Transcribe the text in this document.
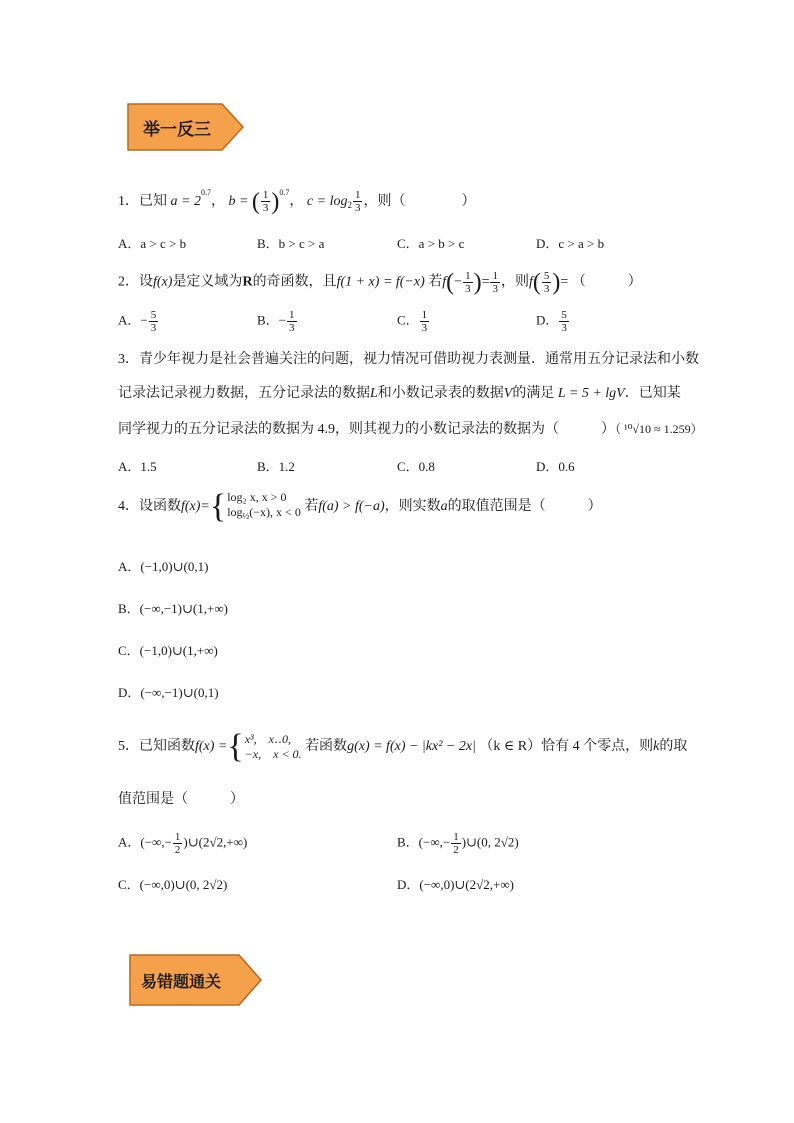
举一反三
1．已知 $a = 2^{0.7}$， b = ( $\frac{1}{3} )^{0.7}$， $c = \log_2 \frac{1}{3}$ ，则（　　　　）
A．a > c > b	B．b > c > a	C．a > b > c	D．c > a > b
2．设f(x)是定义域为R的奇函数，且f(1 + x) = f(−x) 若$f(- \frac{1}{3}$ )= $\frac{1}{3}$ ，则$f( \frac{5}{3}$ )= （　　　）
A．− $\frac{5}{3}$	B．− $\frac{1}{3}$	C． $\frac{1}{3}$	D． $\frac{5}{3}$
3．青少年视力是社会普遍关注的问题，视力情况可借助视力表测量．通常用五分记录法和小数
记录法记录视力数据，五分记录法的数据L和小数记录表的数据V的满足 L = 5 + lgV．已知某
同学视力的五分记录法的数据为 4.9，则其视力的小数记录法的数据为（　　　）（ ¹⁰√10 ≈ 1.259）
A．1.5	B．1.2	C．0.8	D．0.6
4．设函数f(x)={ log₂ x, x > 0
$\log_{\frac{1}{2}}(-x)$, x < 0 若f(a) > f(−a)，则实数a的取值范围是（　　　）
A．(−1,0)∪(0,1)
B．(−∞,−1)∪(1,+∞)
C．(−1,0)∪(1,+∞)
D．(−∞,−1)∪(0,1)
5．已知函数f(x) ={ x³,　x‥0,
−x,　x < 0. 若函数g(x) = f(x) − |kx² − 2x| （k ∈ R）恰有 4 个零点，则k的取
值范围是（　　　）
A．(−∞,− $\frac{1}{2}$ )∪(2√2,+∞)	B．(−∞,− $\frac{1}{2}$ )∪(0, 2√2)
C．(−∞,0)∪(0, 2√2)	D．(−∞,0)∪(2√2,+∞)
易错题通关
